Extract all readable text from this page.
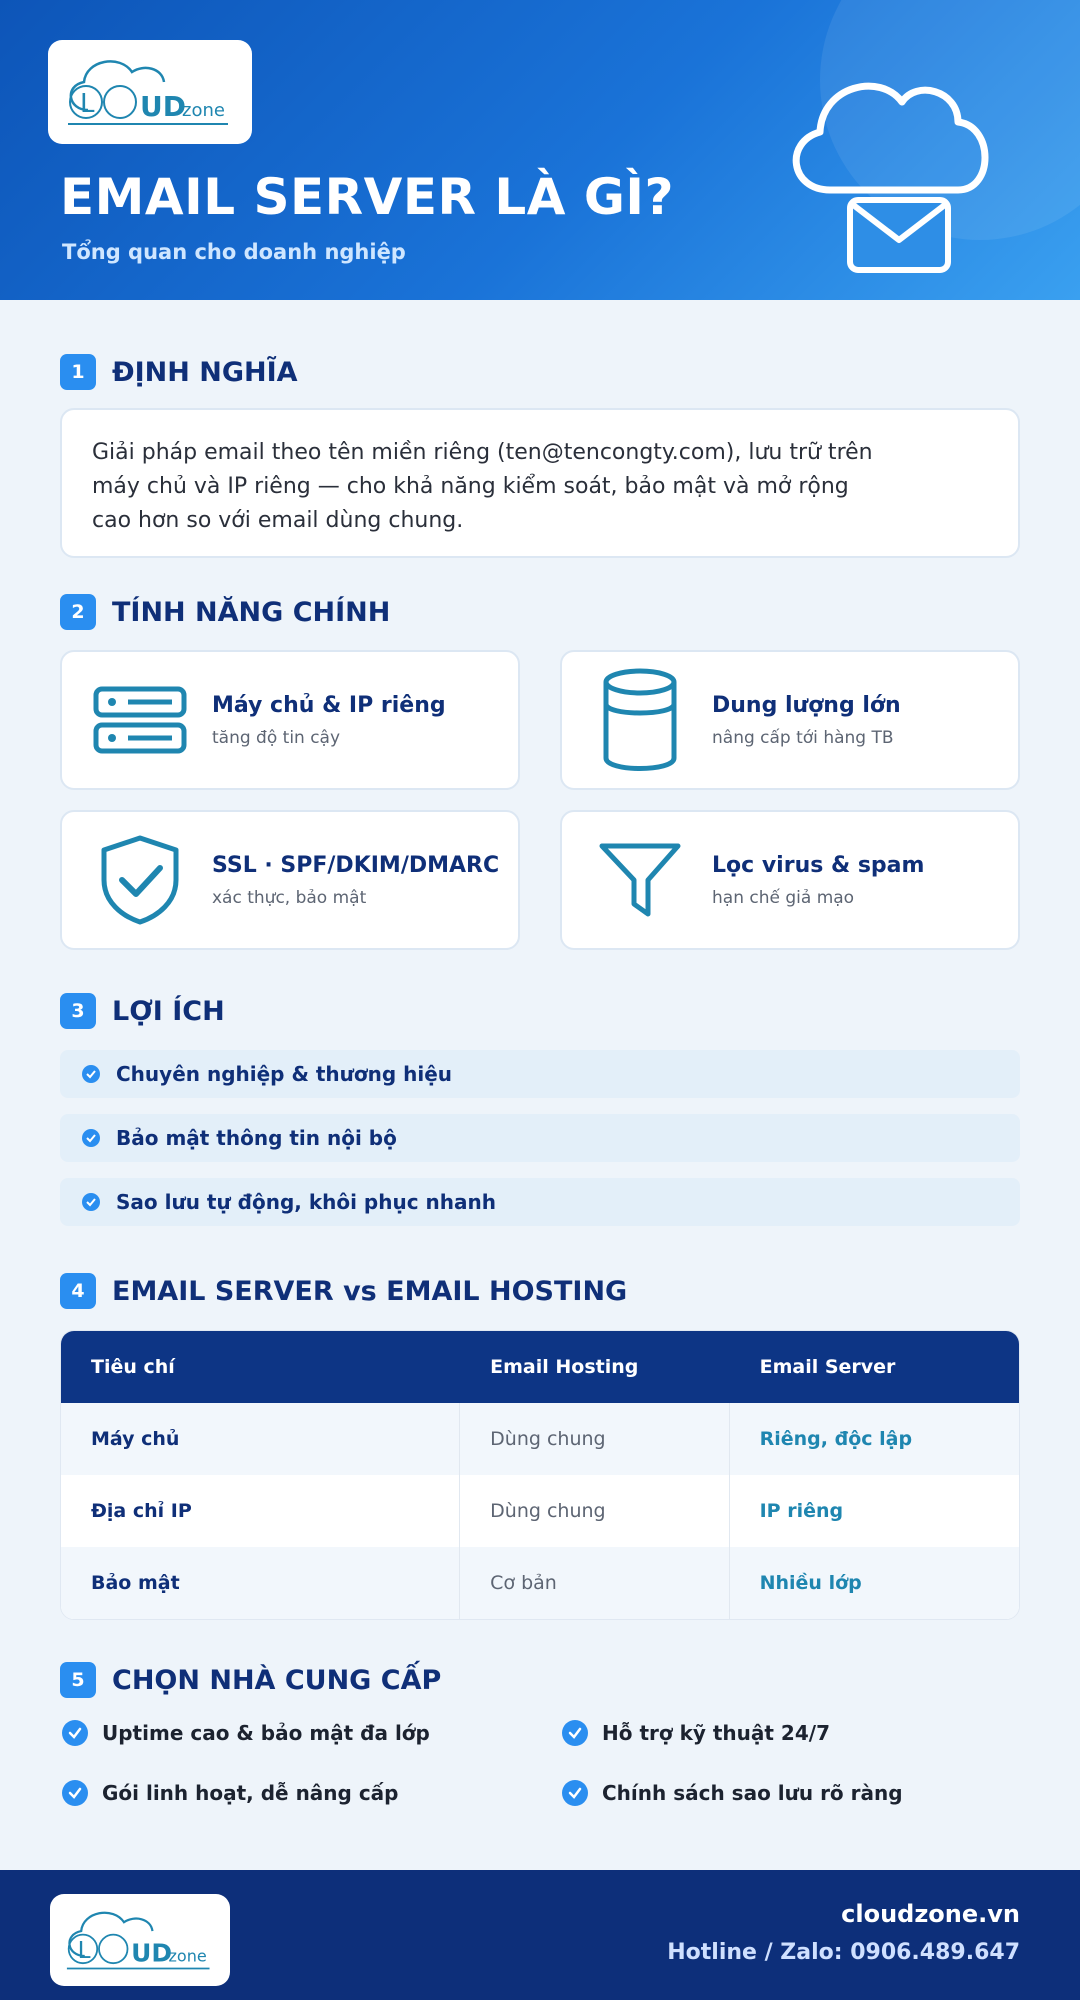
L UD
zone
EMAIL SERVER LÀ GÌ?
Tổng quan cho doanh nghiệp
1	ĐỊNH NGHĨA
Giải pháp email theo tên miền riêng (ten@tencongty.com), lưu trữ trên máy chủ và IP riêng — cho khả năng kiểm soát, bảo mật và mở rộng cao hơn so với email dùng chung.
2	TÍNH NĂNG CHÍNH
Máy chủ & IP riêng
tăng độ tin cậy
Dung lượng lớn
nâng cấp tới hàng TB
SSL · SPF/DKIM/DMARC
xác thực, bảo mật
Lọc virus & spam
hạn chế giả mạo
3	LỢI ÍCH
Chuyên nghiệp & thương hiệu
Bảo mật thông tin nội bộ
Sao lưu tự động, khôi phục nhanh
4	EMAIL SERVER vs EMAIL HOSTING
Tiêu chí	Email Hosting	Email Server
Máy chủ	Dùng chung	Riêng, độc lập
Địa chỉ IP	Dùng chung	IP riêng
Bảo mật	Cơ bản	Nhiều lớp
5	CHỌN NHÀ CUNG CẤP
Uptime cao & bảo mật đa lớp	Hỗ trợ kỹ thuật 24/7
Gói linh hoạt, dễ nâng cấp	Chính sách sao lưu rõ ràng
L UD
zone
cloudzone.vn
Hotline / Zalo: 0906.489.647
